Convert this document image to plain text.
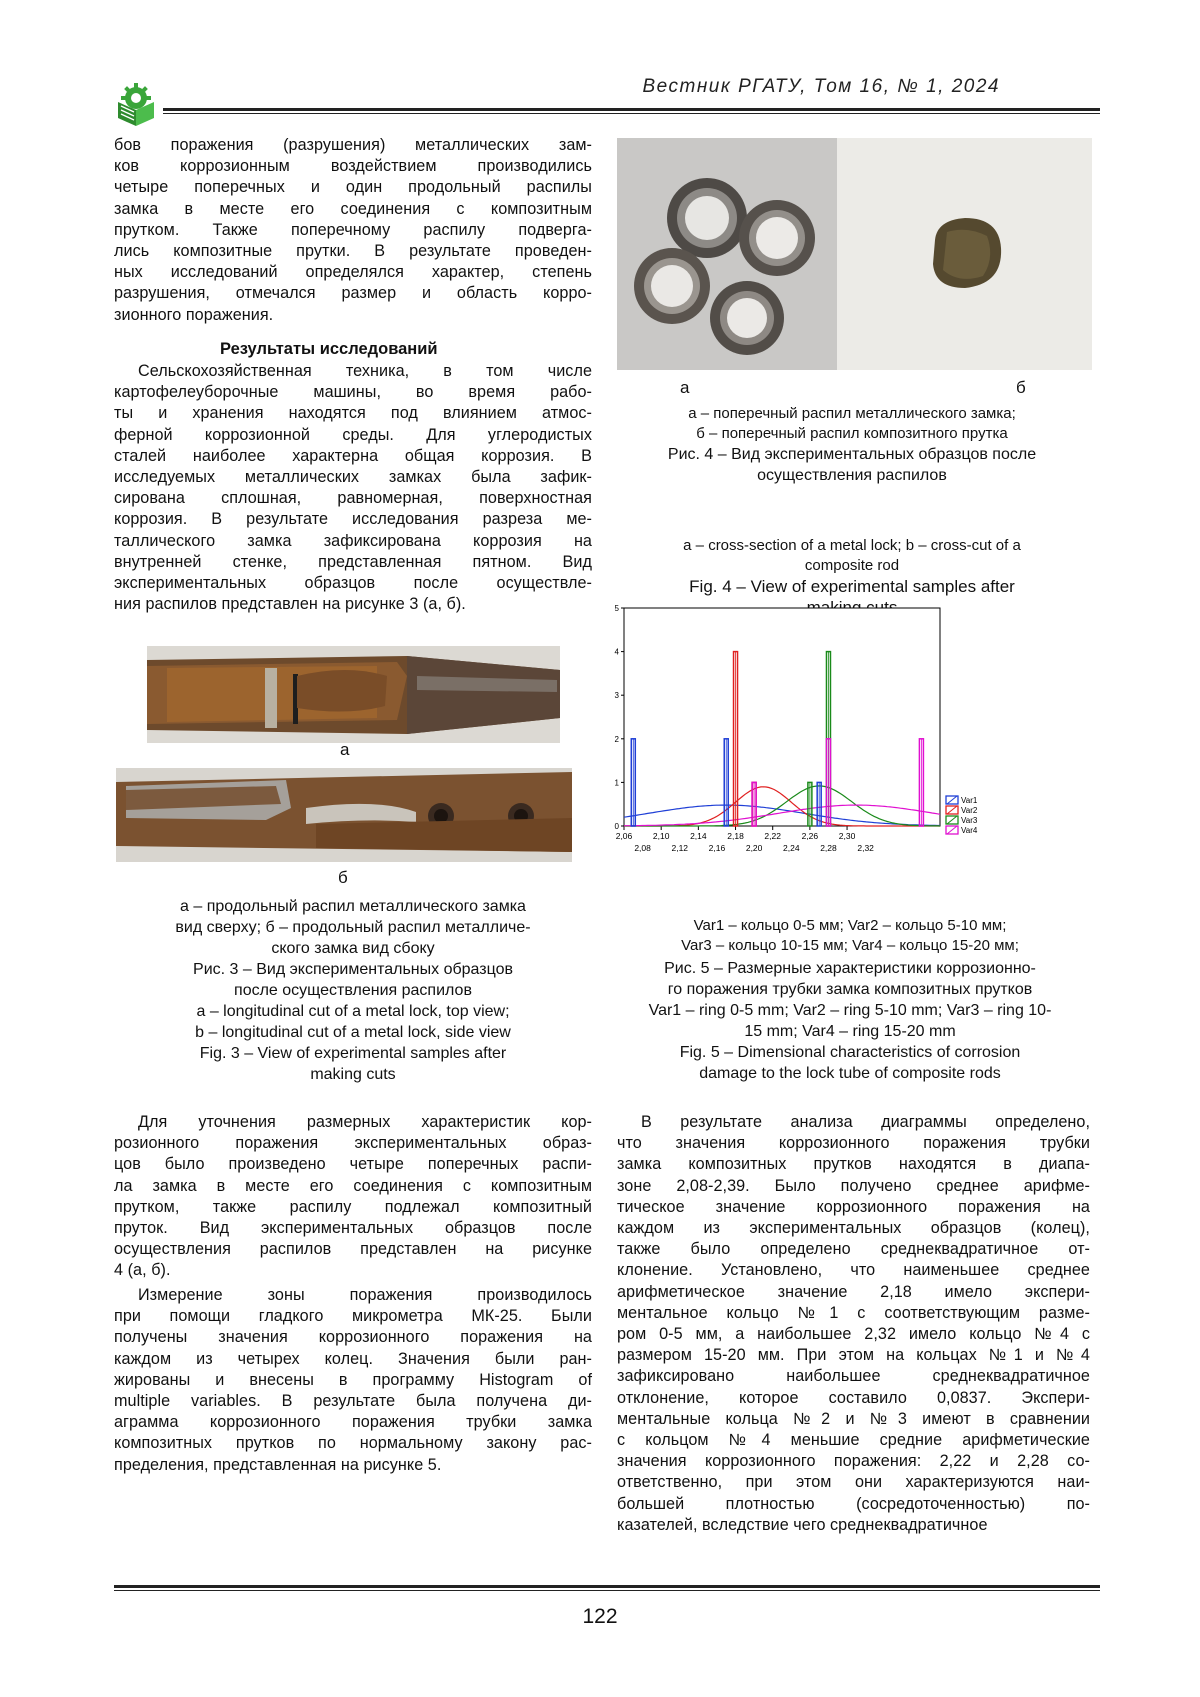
Вестник РГАТУ, Том 16, № 1, 2024
бов поражения (разрушения) металлических зам-
ков коррозионным воздействием производились
четыре поперечных и один продольный распилы
замка в месте его соединения с композитным
прутком. Также поперечному распилу подверга-
лись композитные прутки. В результате проведен-
ных исследований определялся характер, степень
разрушения, отмечался размер и область корро-
зионного поражения.
Результаты исследований
Сельскохозяйственная техника, в том числе
картофелеуборочные машины, во время рабо-
ты и хранения находятся под влиянием атмос-
ферной коррозионной среды. Для углеродистых
сталей наиболее характерна общая коррозия. В
исследуемых металлических замках была зафик-
сирована сплошная, равномерная, поверхностная
коррозия. В результате исследования разреза ме-
таллического замка зафиксирована коррозия на
внутренней стенке, представленная пятном. Вид
экспериментальных образцов после осуществле-
ния распилов представлен на рисунке 3 (а, б).
а
б
а – продольный распил металлического замка
вид сверху; б – продольный распил металличе-
ского замка вид сбоку
Рис. 3 – Вид экспериментальных образцов
после осуществления распилов
а – longitudinal cut of a metal lock, top view;
b – longitudinal cut of a metal lock, side view
Fig. 3 – View of experimental samples after
making cuts
а	б
а – поперечный распил металлического замка;
б – поперечный распил композитного прутка
Рис. 4 – Вид экспериментальных образцов после
осуществления распилов
a – cross-section of a metal lock; b – cross-cut of a
composite rod
Fig. 4 – View of experimental samples after
0
1
2
3
4
5
2,06 2,10 2,14 2,18 2,22 2,26 2,30
2,08 2,12 2,16 2,20 2,24 2,28 2,32
Var1
Var2
Var3
Var4
Var1 – кольцо 0-5 мм; Var2 – кольцо 5-10 мм;
Var3 – кольцо 10-15 мм; Var4 – кольцо 15-20 мм;
Рис. 5 – Размерные характеристики коррозионно-
го поражения трубки замка композитных прутков
Var1 – ring 0-5 mm; Var2 – ring 5-10 mm; Var3 – ring 10-
15 mm; Var4 – ring 15-20 mm
Fig. 5 – Dimensional characteristics of corrosion
damage to the lock tube of composite rods
Для уточнения размерных характеристик кор-
розионного поражения экспериментальных образ-
цов было произведено четыре поперечных распи-
ла замка в месте его соединения с композитным
прутком, также распилу подлежал композитный
пруток. Вид экспериментальных образцов после
осуществления распилов представлен на рисунке
4 (а, б).
Измерение зоны поражения производилось
при помощи гладкого микрометра МК-25. Были
получены значения коррозионного поражения на
каждом из четырех колец. Значения были ран-
жированы и внесены в программу Histogram of
multiple variables. В результате была получена ди-
аграмма коррозионного поражения трубки замка
композитных прутков по нормальному закону рас-
пределения, представленная на рисунке 5.
В результате анализа диаграммы определено,
что значения коррозионного поражения трубки
замка композитных прутков находятся в диапа-
зоне 2,08-2,39. Было получено среднее арифме-
тическое значение коррозионного поражения на
каждом из экспериментальных образцов (колец),
также было определено среднеквадратичное от-
клонение. Установлено, что наименьшее среднее
арифметическое значение 2,18 имело экспери-
ментальное кольцо №1 с соответствующим разме-
ром 0-5 мм, а наибольшее 2,32 имело кольцо №4 с
размером 15-20 мм. При этом на кольцах №1 и №4
зафиксировано наибольшее среднеквадратичное
отклонение, которое составило 0,0837. Экспери-
ментальные кольца №2 и №3 имеют в сравнении
с кольцом №4 меньшие средние арифметические
значения коррозионного поражения: 2,22 и 2,28 со-
ответственно, при этом они характеризуются наи-
большей плотностью (сосредоточенностью) по-
казателей, вследствие чего среднеквадратичное
122
